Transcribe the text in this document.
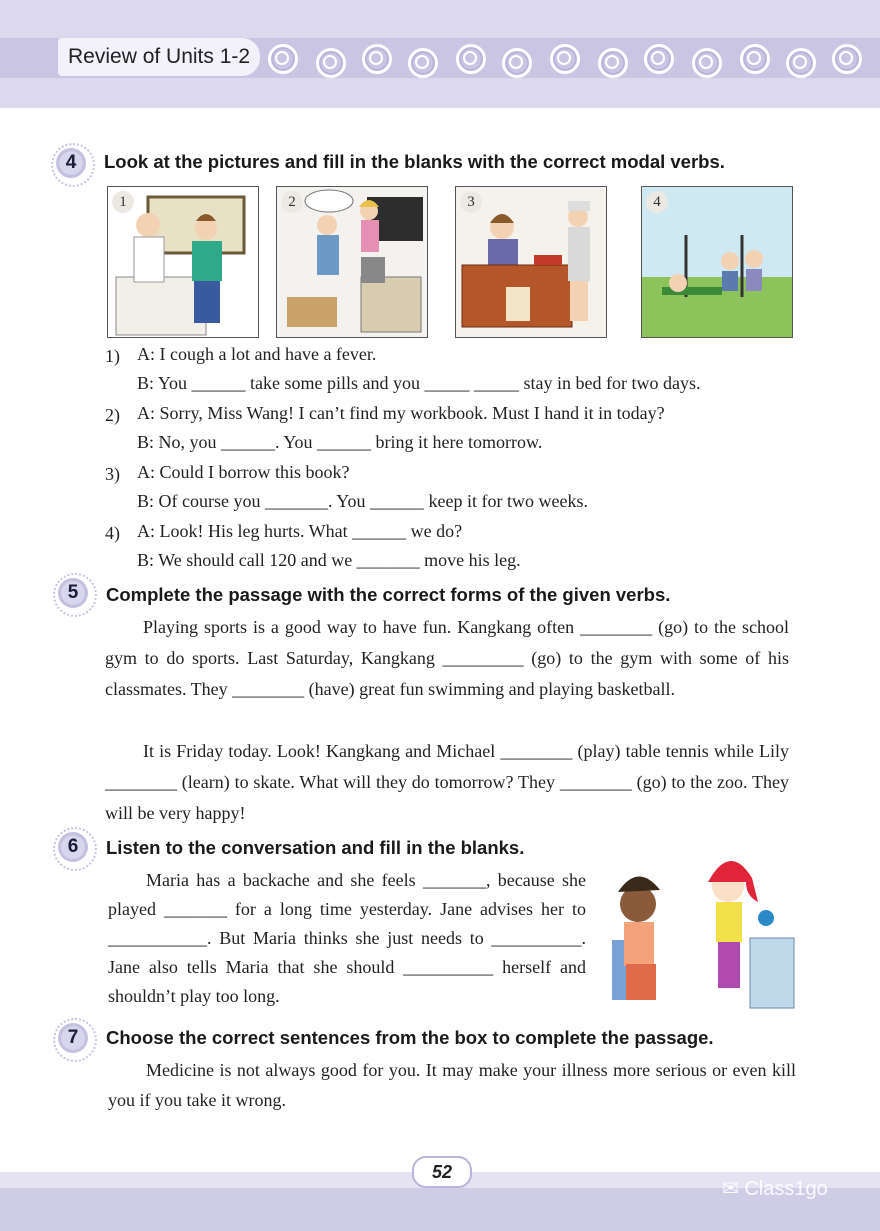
Review of Units 1-2
4	Look at the pictures and fill in the blanks with the correct modal verbs.
1	2	3	4
1) A: I cough a lot and have a fever.
B: You ______ take some pills and you _____ _____ stay in bed for two days.
2) A: Sorry, Miss Wang! I can’t find my workbook. Must I hand it in today?
B: No, you ______. You ______ bring it here tomorrow.
3) A: Could I borrow this book?
B: Of course you _______. You ______ keep it for two weeks.
4) A: Look! His leg hurts. What ______ we do?
B: We should call 120 and we _______ move his leg.
5	Complete the passage with the correct forms of the given verbs.
Playing sports is a good way to have fun. Kangkang often ________ (go) to the school gym to do sports. Last Saturday, Kangkang _________ (go) to the gym with some of his classmates. They ________ (have) great fun swimming and playing basketball.
It is Friday today. Look! Kangkang and Michael ________ (play) table tennis while Lily ________ (learn) to skate. What will they do tomorrow? They ________ (go) to the zoo. They will be very happy!
6	Listen to the conversation and fill in the blanks.
Maria has a backache and she feels _______, because she played _______ for a long time yesterday. Jane advises her to ___________. But Maria thinks she just needs to __________. Jane also tells Maria that she should __________ herself and shouldn’t play too long.
7	Choose the correct sentences from the box to complete the passage.
Medicine is not always good for you. It may make your illness more serious or even kill you if you take it wrong.
52
✉ Class1go
